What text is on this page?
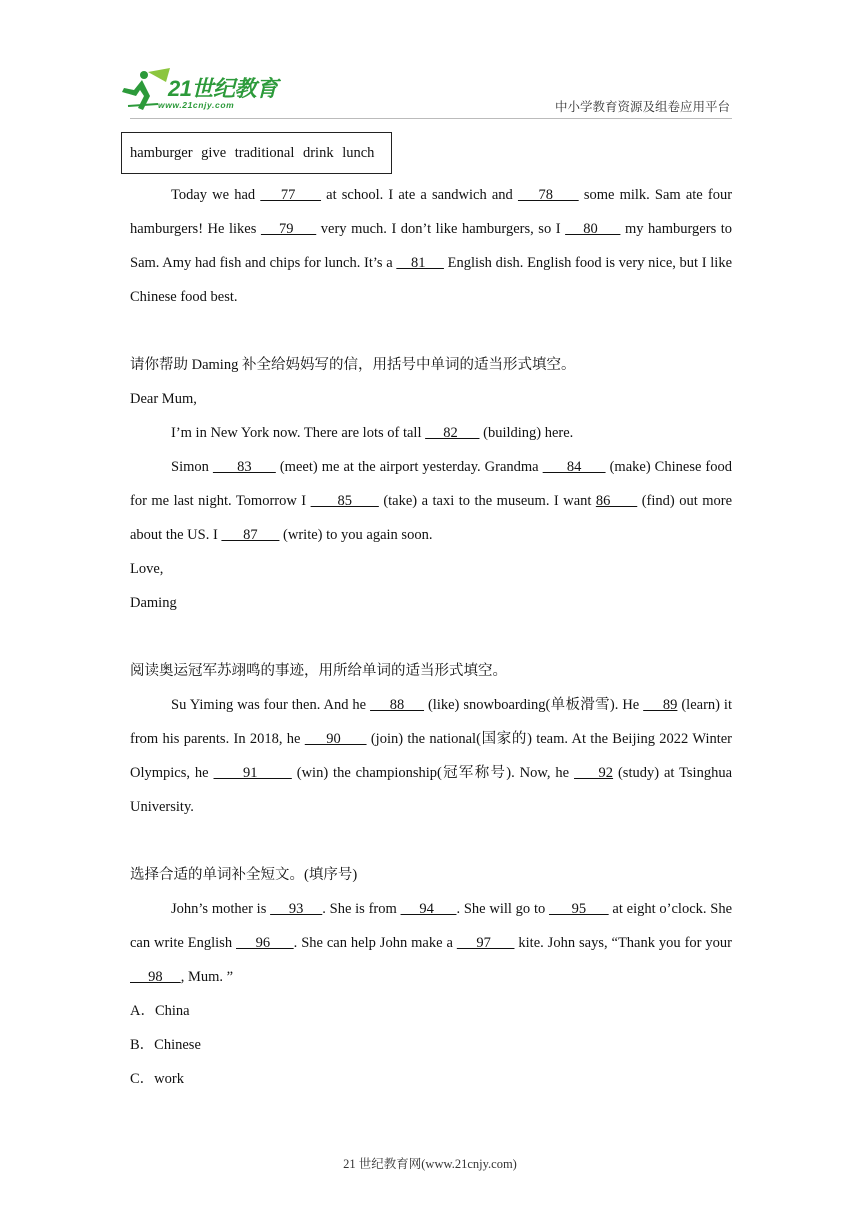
21世纪教育
www.21cnjy.com	中小学教育资源及组卷应用平台
hamburger give traditional drink lunch

Today we had     77      at school. I ate a sandwich and     78      some milk. Sam ate four hamburgers! He likes     79      very much. I don’t like hamburgers, so I     80      my hamburgers to Sam. Amy had fish and chips for lunch. It’s a     81      English dish. English food is very nice, but I like Chinese food best.

请你帮助 Daming 补全给妈妈写的信，用括号中单词的适当形式填空。

Dear Mum,

I’m in New York now. There are lots of tall      82       (building) here.

Simon       83       (meet) me at the airport yesterday. Grandma       84       (make) Chinese food for me last night. Tomorrow I       85       (take) a taxi to the museum. I want 86       (find) out more about the US. I       87       (write) to you again soon.

Love,

Daming

阅读奥运冠军苏翊鸣的事迹，用所给单词的适当形式填空。

Su Yiming was four then. And he      88      (like) snowboarding(单板滑雪). He      89 (learn) it from his parents. In 2018, he      90       (join) the national(国家的) team. At the Beijing 2022 Winter Olympics, he       91        (win) the championship(冠军称号). Now, he      92 (study) at Tsinghua University.

选择合适的单词补全短文。(填序号)

John’s mother is      93     . She is from      94      . She will go to       95       at eight o’clock. She can write English      96      . She can help John make a      97       kite. John says, “Thank you for your      98     , Mum. ”

A．China

B．Chinese

C．work

21 世纪教育网(www.21cnjy.com)
